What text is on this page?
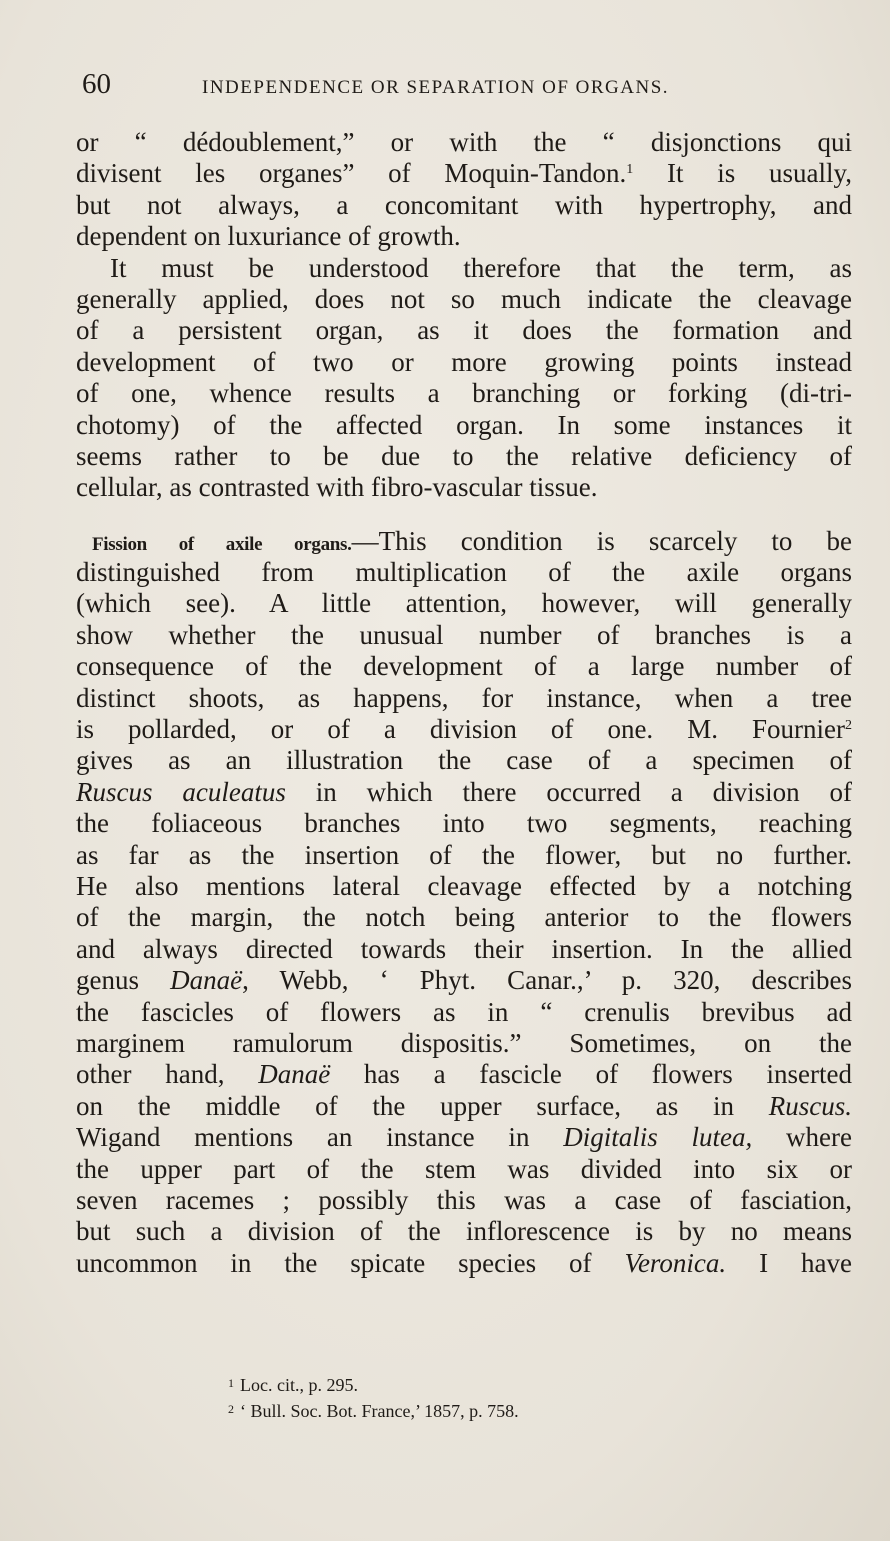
60	INDEPENDENCE OR SEPARATION OF ORGANS.
or “ dédoublement,” or with the “ disjonctions qui
divisent les organes” of Moquin-Tandon.$^1$ It is usually,
but not always, a concomitant with hypertrophy, and
dependent on luxuriance of growth.
It must be understood therefore that the term, as
generally applied, does not so much indicate the cleavage
of a persistent organ, as it does the formation and
development of two or more growing points instead
of one, whence results a branching or forking (di-tri-
chotomy) of the affected organ. In some instances it
seems rather to be due to the relative deficiency of
cellular, as contrasted with fibro-vascular tissue.
Fission of axile organs.—This condition is scarcely to be
distinguished from multiplication of the axile organs
(which see). A little attention, however, will generally
show whether the unusual number of branches is a
consequence of the development of a large number of
distinct shoots, as happens, for instance, when a tree
is pollarded, or of a division of one. M. Fournier$^2$
gives as an illustration the case of a specimen of
Ruscus aculeatus in which there occurred a division of
the foliaceous branches into two segments, reaching
as far as the insertion of the flower, but no further.
He also mentions lateral cleavage effected by a notching
of the margin, the notch being anterior to the flowers
and always directed towards their insertion. In the allied
genus Danaë, Webb, ‘ Phyt. Canar.,’ p. 320, describes
the fascicles of flowers as in “ crenulis brevibus ad
marginem ramulorum dispositis.” Sometimes, on the
other hand, Danaë has a fascicle of flowers inserted
on the middle of the upper surface, as in Ruscus.
Wigand mentions an instance in Digitalis lutea, where
the upper part of the stem was divided into six or
seven racemes ; possibly this was a case of fasciation,
but such a division of the inflorescence is by no means
uncommon in the spicate species of Veronica. I have
$^1$ Loc. cit., p. 295.
$^2$ ‘ Bull. Soc. Bot. France,’ 1857, p. 758.
